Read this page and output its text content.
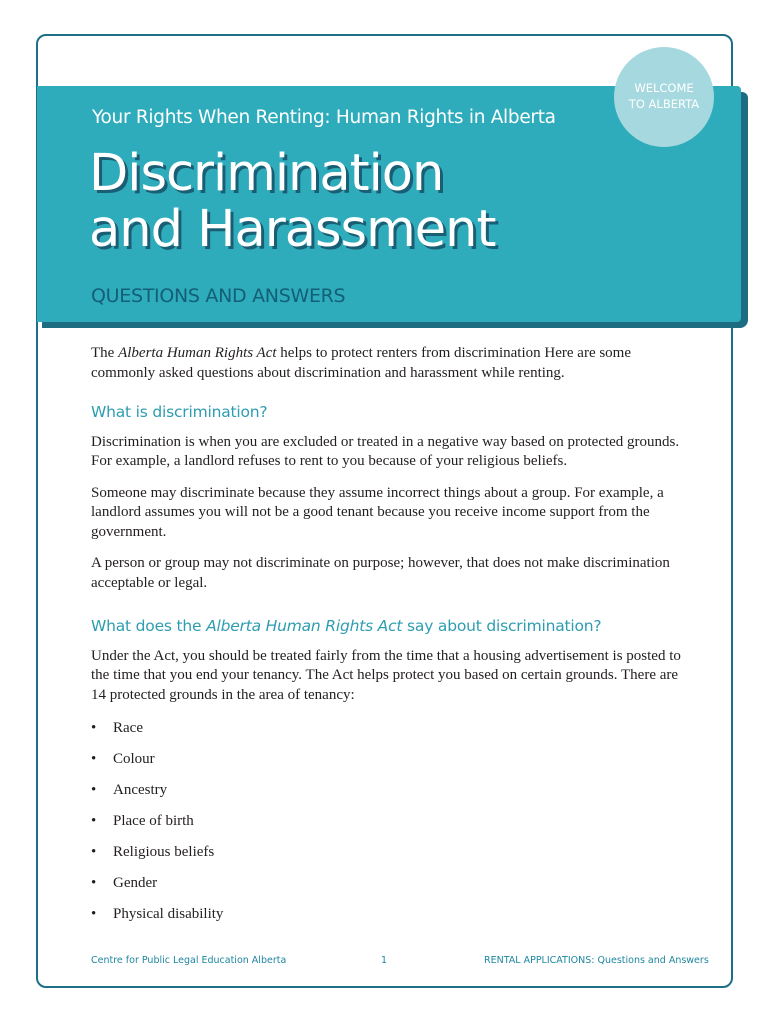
Your Rights When Renting: Human Rights in Alberta
Discrimination
and Harassment
QUESTIONS AND ANSWERS
WELCOME
TO ALBERTA

The Alberta Human Rights Act helps to protect renters from discrimination Here are some commonly asked questions about discrimination and harassment while renting.

What is discrimination?

Discrimination is when you are excluded or treated in a negative way based on protected grounds. For example, a landlord refuses to rent to you because of your religious beliefs.

Someone may discriminate because they assume incorrect things about a group. For example, a landlord assumes you will not be a good tenant because you receive income support from the government.

A person or group may not discriminate on purpose; however, that does not make discrimination acceptable or legal.

What does the Alberta Human Rights Act say about discrimination?

Under the Act, you should be treated fairly from the time that a housing advertisement is posted to the time that you end your tenancy. The Act helps protect you based on certain grounds. There are 14 protected grounds in the area of tenancy:

• Race
• Colour
• Ancestry
• Place of birth
• Religious beliefs
• Gender
• Physical disability
Centre for Public Legal Education Alberta	1	RENTAL APPLICATIONS: Questions and Answers
